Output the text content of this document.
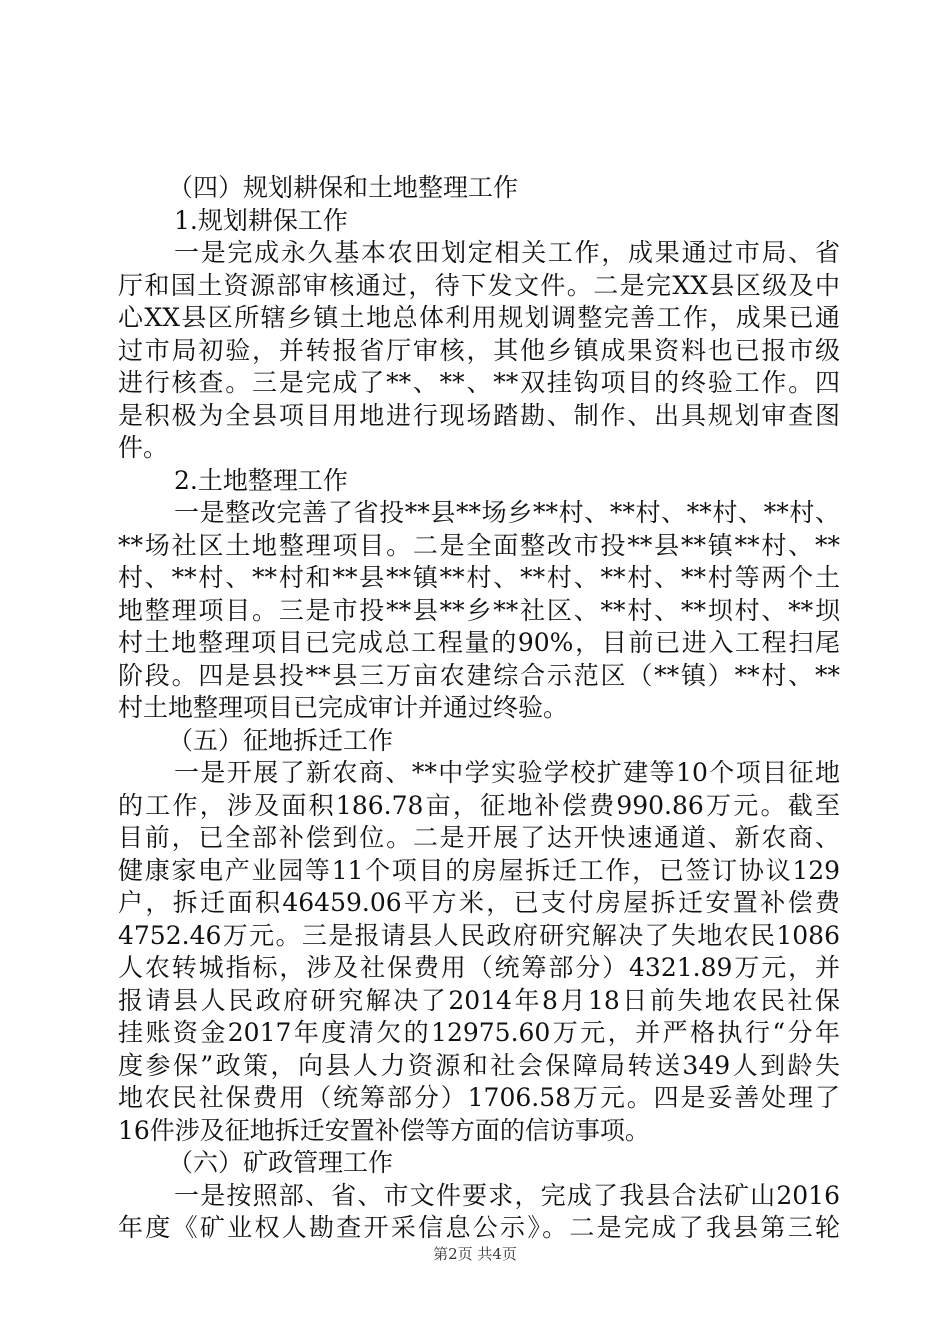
（四）规划耕保和土地整理工作
1.规划耕保工作
一是完成永久基本农田划定相关工作，成果通过市局、省
厅和国土资源部审核通过，待下发文件。二是完XX县区级及中
心XX县区所辖乡镇土地总体利用规划调整完善工作，成果已通
过市局初验，并转报省厅审核，其他乡镇成果资料也已报市级
进行核查。三是完成了**、**、**双挂钩项目的终验工作。四
是积极为全县项目用地进行现场踏勘、制作、出具规划审查图
件。
2.土地整理工作
一是整改完善了省投**县**场乡**村、**村、**村、**村、
**场社区土地整理项目。二是全面整改市投**县**镇**村、**
村、**村、**村和**县**镇**村、**村、**村、**村等两个土
地整理项目。三是市投**县**乡**社区、**村、**坝村、**坝
村土地整理项目已完成总工程量的90%，目前已进入工程扫尾
阶段。四是县投**县三万亩农建综合示范区（**镇）**村、**
村土地整理项目已完成审计并通过终验。
（五）征地拆迁工作
一是开展了新农商、**中学实验学校扩建等10个项目征地
的工作，涉及面积186.78亩，征地补偿费990.86万元。截至
目前，已全部补偿到位。二是开展了达开快速通道、新农商、
健康家电产业园等11个项目的房屋拆迁工作，已签订协议129
户，拆迁面积46459.06平方米，已支付房屋拆迁安置补偿费
4752.46万元。三是报请县人民政府研究解决了失地农民1086
人农转城指标，涉及社保费用（统筹部分）4321.89万元，并
报请县人民政府研究解决了2014年8月18日前失地农民社保
挂账资金2017年度清欠的12975.60万元，并严格执行“分年
度参保”政策，向县人力资源和社会保障局转送349人到龄失
地农民社保费用（统筹部分）1706.58万元。四是妥善处理了
16件涉及征地拆迁安置补偿等方面的信访事项。
（六）矿政管理工作
一是按照部、省、市文件要求，完成了我县合法矿山2016
年度《矿业权人勘查开采信息公示》。二是完成了我县第三轮
第2页 共4页
